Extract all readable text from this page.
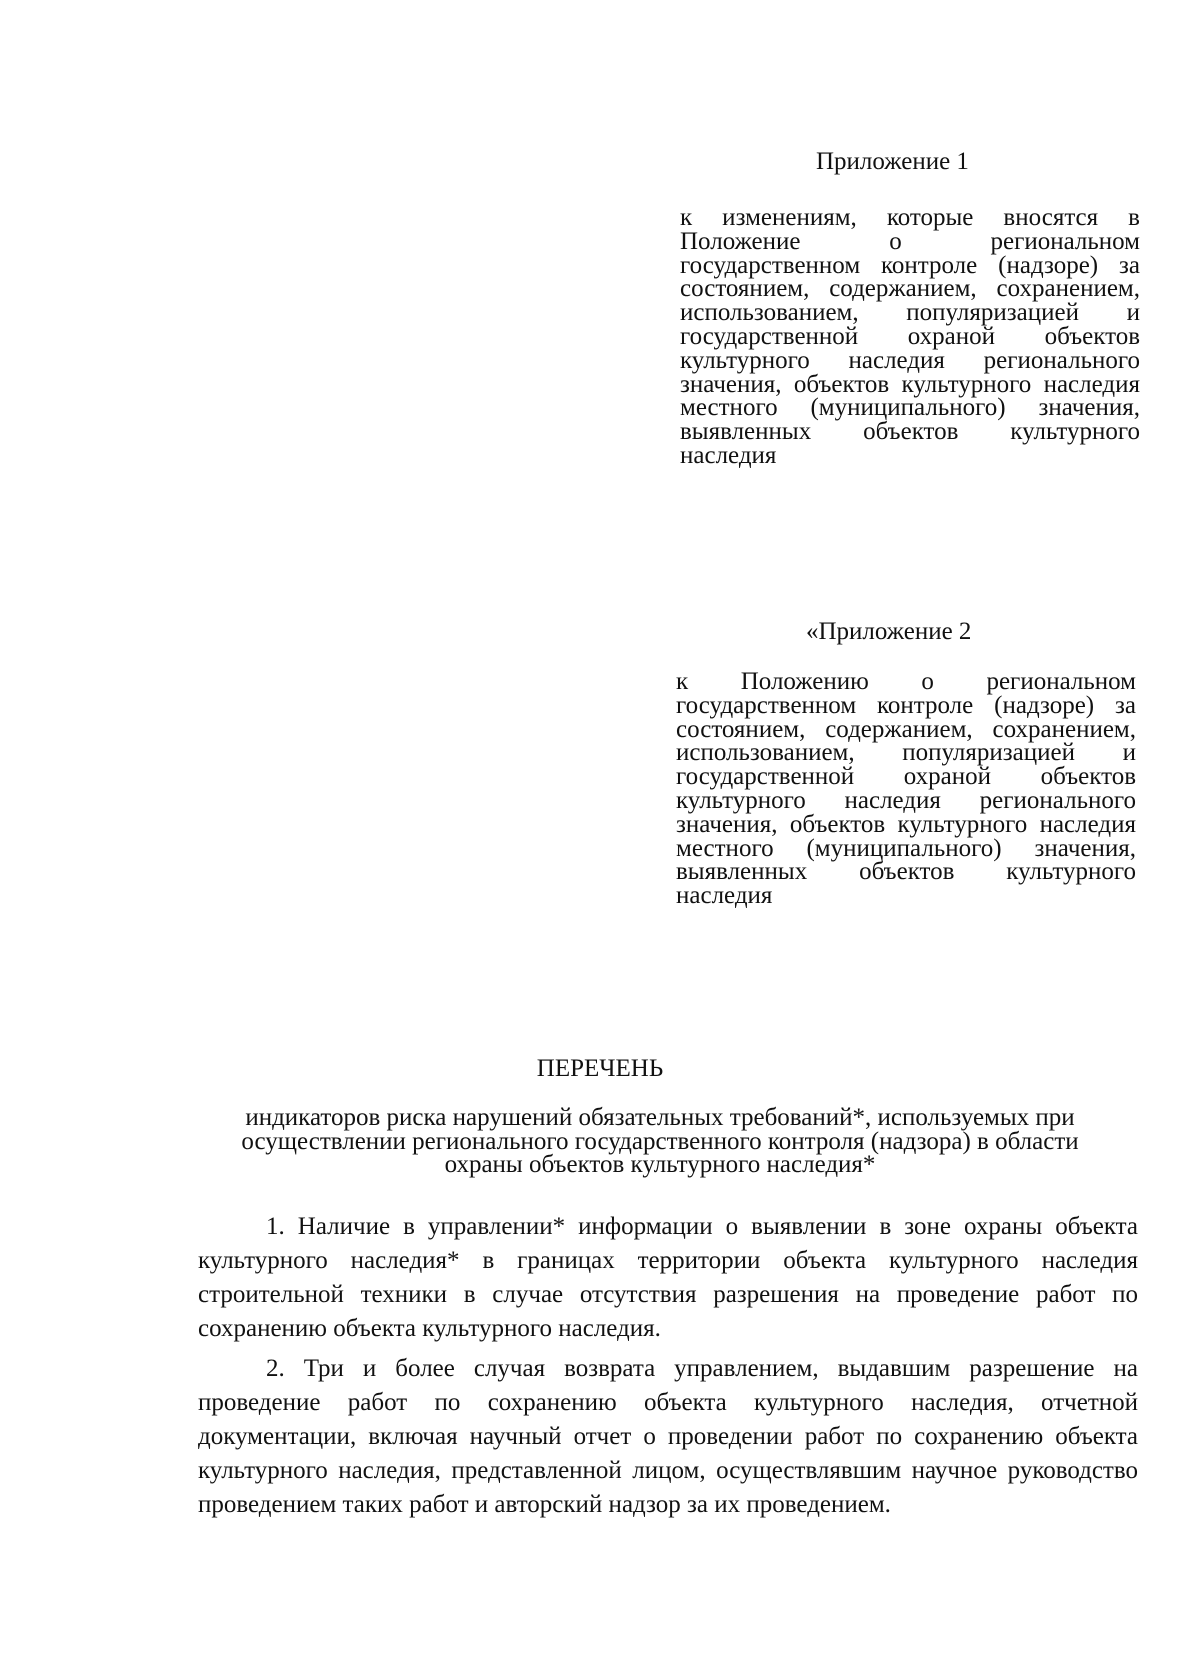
Приложение 1
к изменениям, которые вносятся в Положение о региональном государственном контроле (надзоре) за состоянием, содержанием, сохранением, использованием, популяризацией и государственной охраной объектов культурного наследия регионального значения, объектов культурного наследия местного (муниципального) значения, выявленных объектов культурного наследия
«Приложение 2
к Положению о региональном государственном контроле (надзоре) за состоянием, содержанием, сохранением, использованием, популяризацией и государственной охраной объектов культурного наследия регионального значения, объектов культурного наследия местного (муниципального) значения, выявленных объектов культурного наследия
ПЕРЕЧЕНЬ
индикаторов риска нарушений обязательных требований*, используемых при осуществлении регионального государственного контроля (надзора) в области охраны объектов культурного наследия*
1. Наличие в управлении* информации о выявлении в зоне охраны объекта культурного наследия* в границах территории объекта культурного наследия строительной техники в случае отсутствия разрешения на проведение работ по сохранению объекта культурного наследия.
2. Три и более случая возврата управлением, выдавшим разрешение на проведение работ по сохранению объекта культурного наследия, отчетной документации, включая научный отчет о проведении работ по сохранению объекта культурного наследия, представленной лицом, осуществлявшим научное руководство проведением таких работ и авторский надзор за их проведением.
